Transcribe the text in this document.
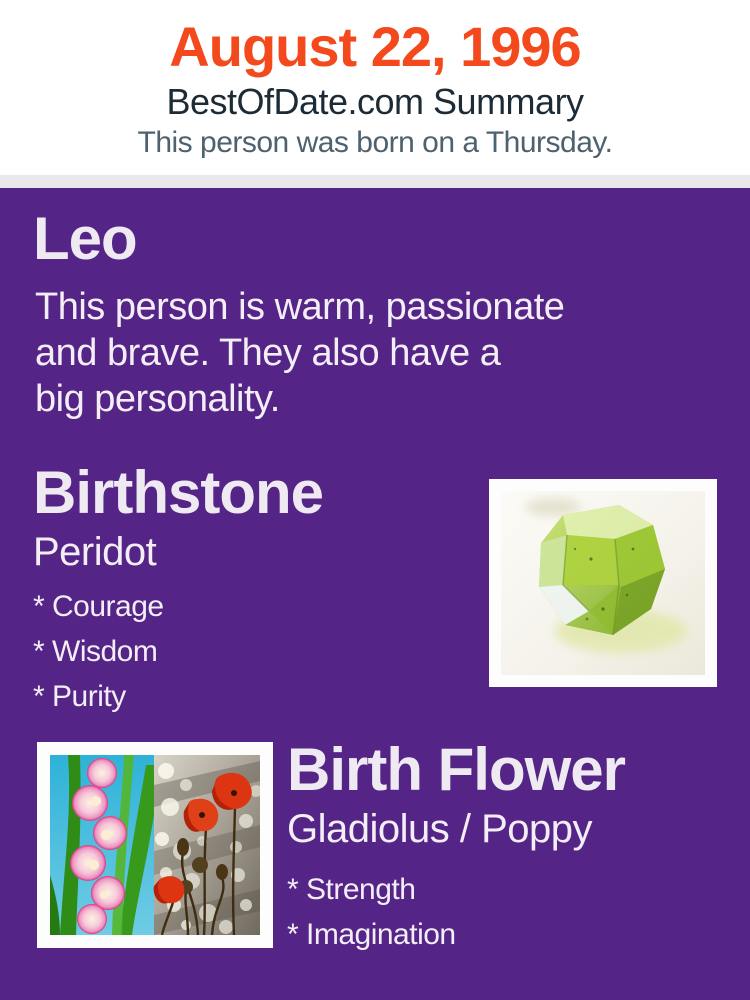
August 22, 1996
BestOfDate.com Summary

This person was born on a Thursday.

Leo

This person is warm, passionate
and brave. They also have a
big personality.

Birthstone
Peridot
* Courage
* Wisdom
* Purity
Birth Flower
Gladiolus / Poppy
* Strength
* Imagination
